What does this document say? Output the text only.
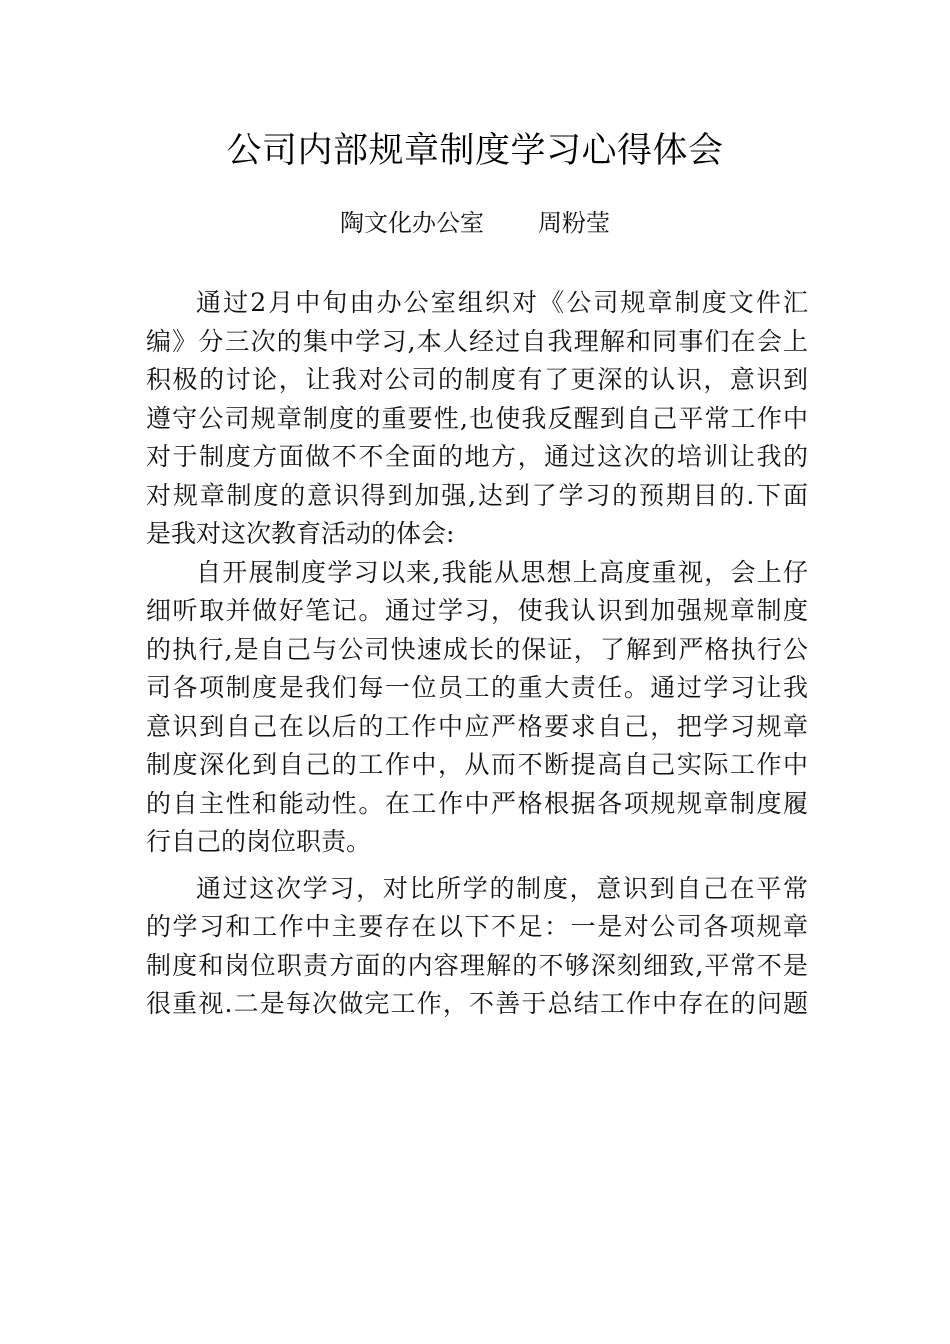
公司内部规章制度学习心得体会
陶文化办公室 周粉莹

通过2月中旬由办公室组织对《公司规章制度文件汇
编》分三次的集中学习,本人经过自我理解和同事们在会上
积极的讨论，让我对公司的制度有了更深的认识，意识到
遵守公司规章制度的重要性,也使我反醒到自己平常工作中
对于制度方面做不不全面的地方，通过这次的培训让我的
对规章制度的意识得到加强,达到了学习的预期目的.下面
是我对这次教育活动的体会:

自开展制度学习以来,我能从思想上高度重视，会上仔
细听取并做好笔记。通过学习，使我认识到加强规章制度
的执行,是自己与公司快速成长的保证，了解到严格执行公
司各项制度是我们每一位员工的重大责任。通过学习让我
意识到自己在以后的工作中应严格要求自己，把学习规章
制度深化到自己的工作中，从而不断提高自己实际工作中
的自主性和能动性。在工作中严格根据各项规规章制度履
行自己的岗位职责。

通过这次学习，对比所学的制度，意识到自己在平常
的学习和工作中主要存在以下不足：一是对公司各项规章
制度和岗位职责方面的内容理解的不够深刻细致,平常不是
很重视.二是每次做完工作，不善于总结工作中存在的问题
